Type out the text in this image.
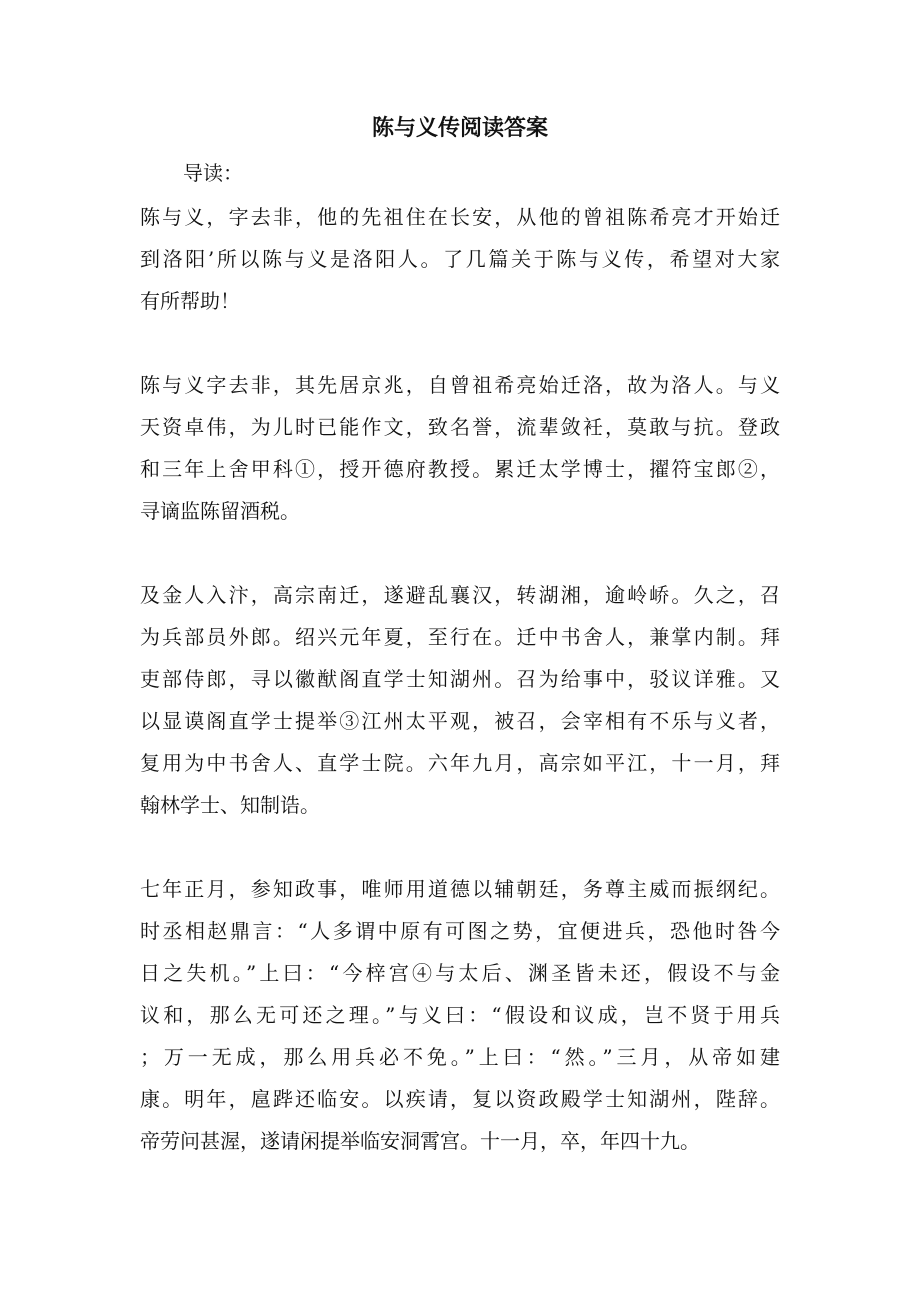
陈与义传阅读答案
导读：
陈与义，字去非，他的先祖住在长安，从他的曾祖陈希亮才开始迁
到洛阳’所以陈与义是洛阳人。了几篇关于陈与义传，希望对大家
有所帮助！
陈与义字去非，其先居京兆，自曾祖希亮始迁洛，故为洛人。与义
天资卓伟，为儿时已能作文，致名誉，流辈敛衽，莫敢与抗。登政
和三年上舍甲科①，授开德府教授。累迁太学博士，擢符宝郎②，
寻谪监陈留酒税。
及金人入汴，高宗南迁，遂避乱襄汉，转湖湘，逾岭峤。久之，召
为兵部员外郎。绍兴元年夏，至行在。迁中书舍人，兼掌内制。拜
吏部侍郎，寻以徽猷阁直学士知湖州。召为给事中，驳议详雅。又
以显谟阁直学士提举③江州太平观，被召，会宰相有不乐与义者，
复用为中书舍人、直学士院。六年九月，高宗如平江，十一月，拜
翰林学士、知制诰。
七年正月，参知政事，唯师用道德以辅朝廷，务尊主威而振纲纪。
时丞相赵鼎言：“人多谓中原有可图之势，宜便进兵，恐他时咎今
日之失机。”上曰：“今梓宫④与太后、渊圣皆未还，假设不与金
议和，那么无可还之理。”与义曰：“假设和议成，岂不贤于用兵
；万一无成，那么用兵必不免。”上曰：“然。”三月，从帝如建
康。明年，扈跸还临安。以疾请，复以资政殿学士知湖州，陛辞。
帝劳问甚渥，遂请闲提举临安洞霄宫。十一月，卒，年四十九。
